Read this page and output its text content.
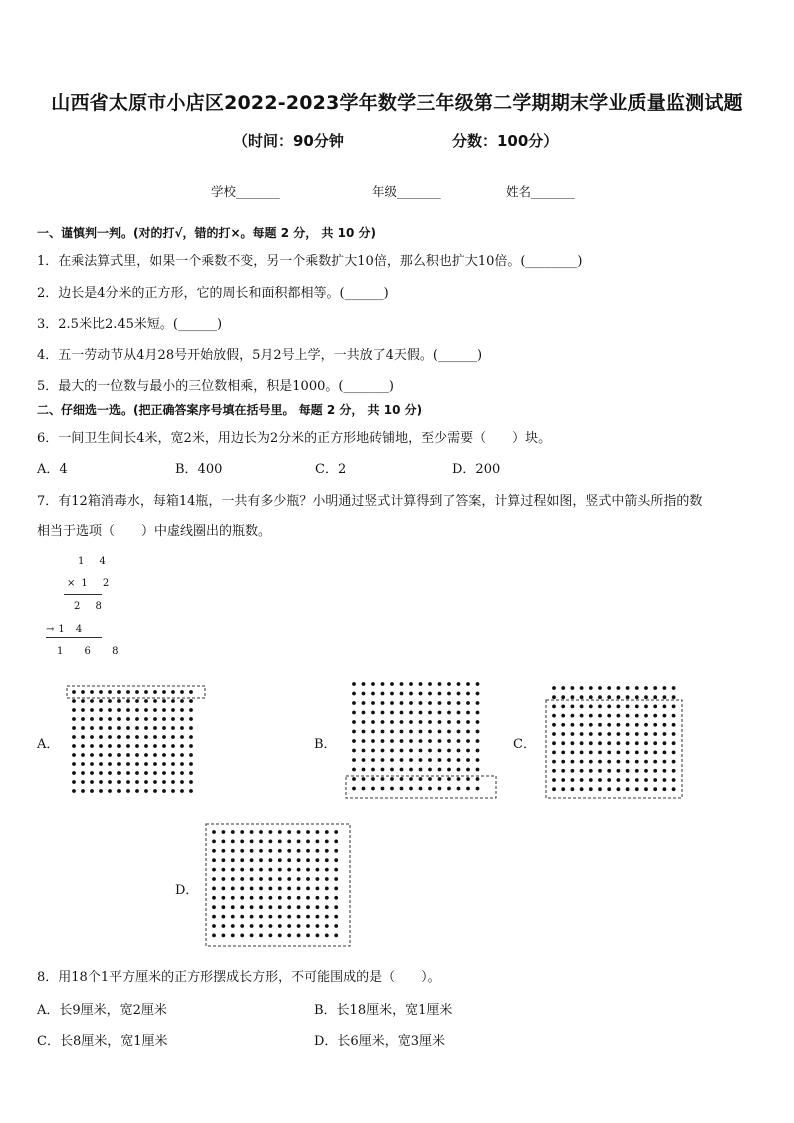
山西省太原市小店区2022-2023学年数学三年级第二学期期末学业质量监测试题
（时间：90分钟	分数：100分）
学校_______	年级_______	姓名_______
一、谨慎判一判。(对的打√，错的打×。每题 2 分， 共 10 分)
1．在乘法算式里，如果一个乘数不变，另一个乘数扩大10倍，那么积也扩大10倍。(________)
2．边长是4分米的正方形，它的周长和面积都相等。(______)
3．2.5米比2.45米短。(______)
4．五一劳动节从4月28号开始放假，5月2号上学，一共放了4天假。(______)
5．最大的一位数与最小的三位数相乘，积是1000。(_______)
二、仔细选一选。(把正确答案序号填在括号里。 每题 2 分， 共 10 分)
6．一间卫生间长4米，宽2米，用边长为2分米的正方形地砖铺地，至少需要（　　）块。
A．4	B．400	C．2	D．200
7．有12箱消毒水，每箱14瓶，一共有多少瓶？小明通过竖式计算得到了答案，计算过程如图，竖式中箭头所指的数
相当于选项（　　）中虚线圈出的瓶数。
1 4
×1 2
2 8
→1 4
1 6 8
A．	B．	C．
D．
8．用18个1平方厘米的正方形摆成长方形，不可能围成的是（　　）。
A．长9厘米，宽2厘米	B．长18厘米，宽1厘米
C．长8厘米，宽1厘米	D．长6厘米，宽3厘米
